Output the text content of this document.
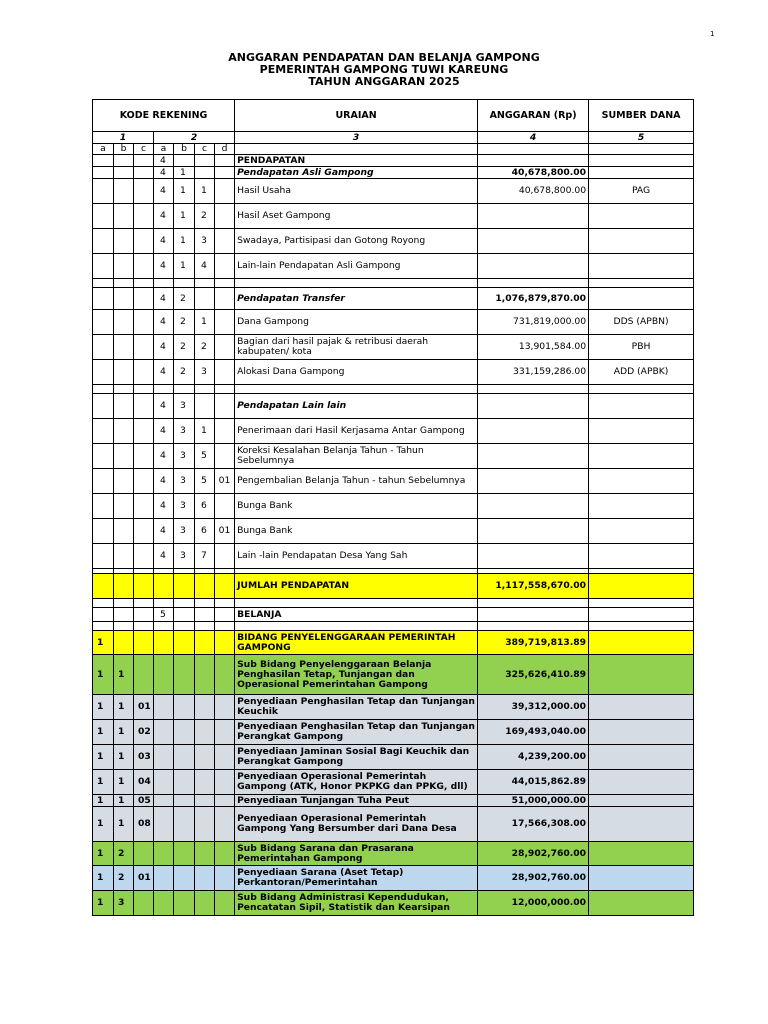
1
ANGGARAN PENDAPATAN DAN BELANJA GAMPONG
PEMERINTAH GAMPONG TUWI KAREUNG
TAHUN ANGGARAN 2025
KODE REKENING							URAIAN	ANGGARAN (Rp)	SUMBER DANA
1			2				3	4	5
a	b	c	a	b	c	d			
			4				PENDAPATAN		
			4	1			Pendapatan Asli Gampong	40,678,800.00	
			4	1	1		Hasil Usaha	40,678,800.00	PAG
			4	1	2		Hasil Aset Gampong		
			4	1	3		Swadaya, Partisipasi dan Gotong Royong		
			4	1	4		Lain-lain Pendapatan Asli Gampong		

			4	2			Pendapatan Transfer	1,076,879,870.00	
			4	2	1		Dana Gampong	731,819,000.00	DDS (APBN)
			4	2	2		Bagian dari hasil pajak & retribusi daerah kabupaten/ kota	13,901,584.00	PBH
			4	2	3		Alokasi Dana Gampong	331,159,286.00	ADD (APBK)

			4	3			Pendapatan Lain lain		
			4	3	1		Penerimaan dari Hasil Kerjasama Antar Gampong		
			4	3	5		Koreksi Kesalahan Belanja Tahun - Tahun Sebelumnya		
			4	3	5	01	Pengembalian Belanja Tahun - tahun Sebelumnya		
			4	3	6		Bunga Bank		
			4	3	6	01	Bunga Bank		
			4	3	7		Lain -lain Pendapatan Desa Yang Sah		

							JUMLAH PENDAPATAN	1,117,558,670.00	

			5				BELANJA		

1							BIDANG PENYELENGGARAAN PEMERINTAH GAMPONG	389,719,813.89	
1	1						Sub Bidang Penyelenggaraan Belanja Penghasilan Tetap, Tunjangan dan Operasional Pemerintahan Gampong	325,626,410.89	
1	1	01					Penyediaan Penghasilan Tetap dan Tunjangan Keuchik	39,312,000.00	
1	1	02					Penyediaan Penghasilan Tetap dan Tunjangan Perangkat Gampong	169,493,040.00	
1	1	03					Penyediaan Jaminan Sosial Bagi Keuchik dan Perangkat Gampong	4,239,200.00	
1	1	04					Penyediaan Operasional Pemerintah Gampong (ATK, Honor PKPKG dan PPKG, dll)	44,015,862.89	
1	1	05					Penyediaan Tunjangan Tuha Peut	51,000,000.00	
1	1	08					Penyediaan Operasional Pemerintah Gampong Yang Bersumber dari Dana Desa	17,566,308.00	
1	2						Sub Bidang Sarana dan Prasarana Pemerintahan Gampong	28,902,760.00	
1	2	01					Penyediaan Sarana (Aset Tetap) Perkantoran/Pemerintahan	28,902,760.00	
1	3						Sub Bidang Administrasi Kependudukan, Pencatatan Sipil, Statistik dan Kearsipan	12,000,000.00	
